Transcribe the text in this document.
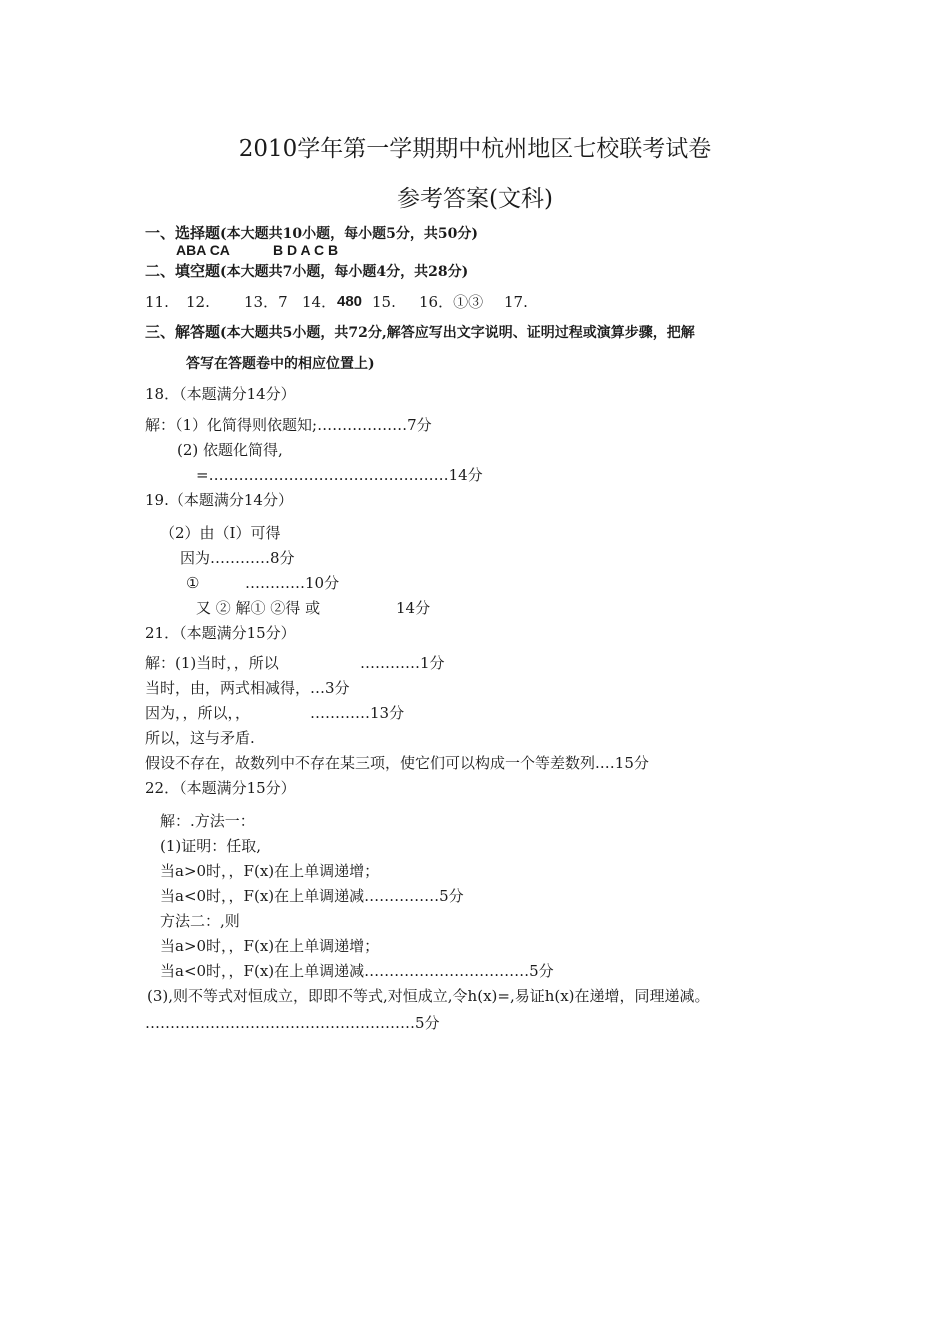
2010学年第一学期期中杭州地区七校联考试卷
参考答案(文科)
一、选择题(本大题共10小题，每小题5分，共50分)
ABA CA	B D A C B
二、填空题(本大题共7小题，每小题4分，共28分)
11. 12. 13．7 14． 480 15. 16．①③ 17.
三、解答题(本大题共5小题，共72分,解答应写出文字说明、证明过程或演算步骤，把解
答写在答题卷中的相应位置上)
18．（本题满分14分）
解：（1）化简得则依题知;………………7分
(2) 依题化简得,
=…………………………………………14分
19.（本题满分14分）
（2）由（I）可得
因为…………8分
①	…………10分
又 ② 解① ②得 或	14分
21．（本题满分15分）
解：(1)当时，，所以	…………1分
当时，由，两式相减得，…3分
因为，，所以，，	…………13分
所以，这与矛盾.
假设不存在，故数列中不存在某三项，使它们可以构成一个等差数列.…15分
22．（本题满分15分）
解：.方法一：
(1)证明：任取,
当a>0时，，F(x)在上单调递增；
当a<0时，，F(x)在上单调递减……………5分
方法二：,则
当a>0时，，F(x)在上单调递增；
当a<0时，，F(x)在上单调递减……………………………5分
(3),则不等式对恒成立，即即不等式,对恒成立,令h(x)=,易证h(x)在递增，同理递减。
………………………………………………5分
